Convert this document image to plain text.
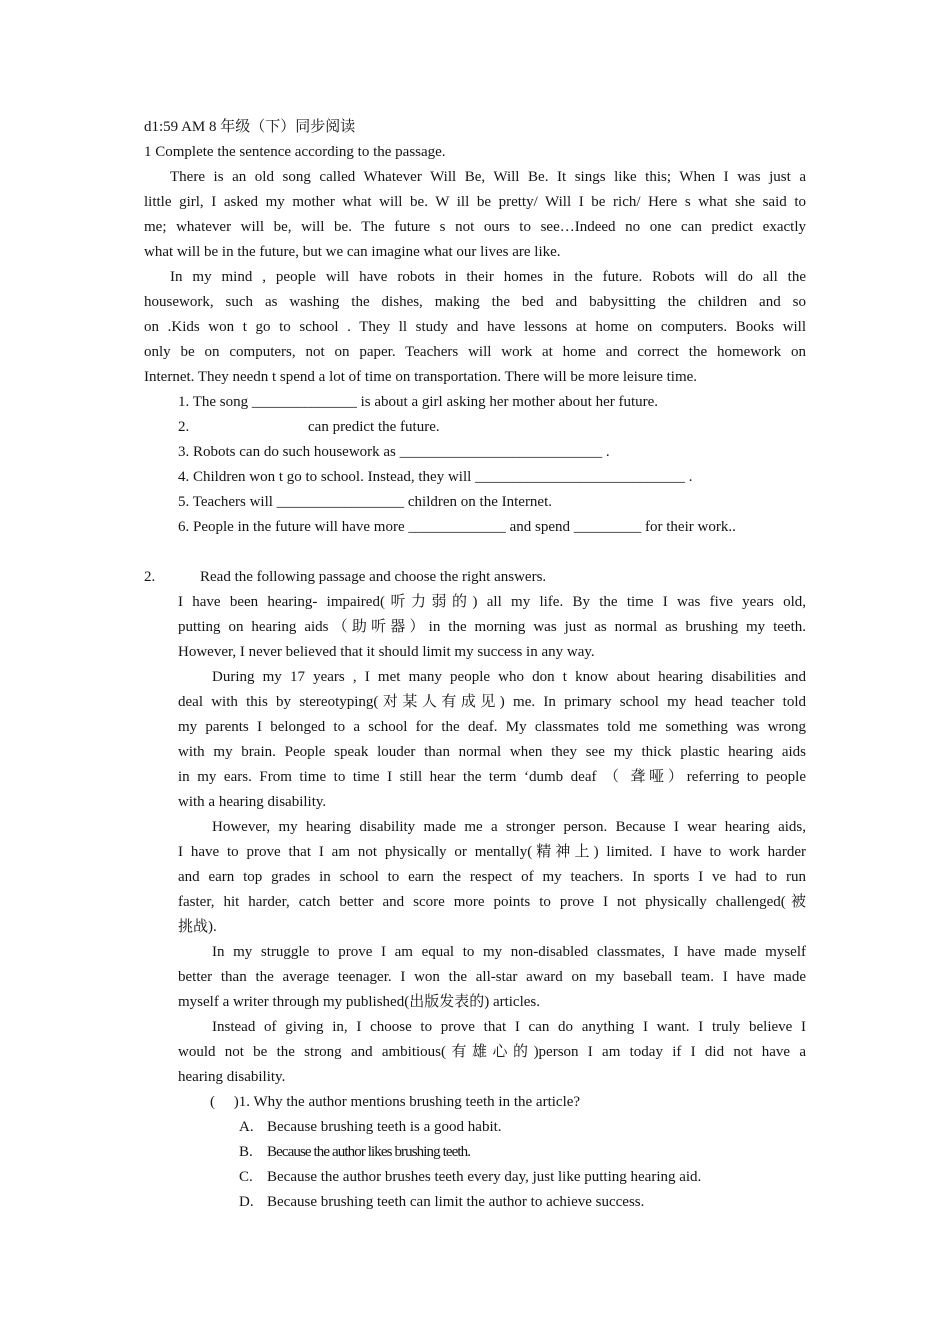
d1:59 AM 8 年级（下）同步阅读
1 Complete the sentence according to the passage.
There is an old song called Whatever Will Be, Will Be. It sings like this; When I was just a
little girl, I asked my mother what will be. W ill be pretty/ Will I be rich/ Here s what she said to
me; whatever will be, will be. The future s not ours to see…Indeed no one can predict exactly
what will be in the future, but we can imagine what our lives are like.
In my mind , people will have robots in their homes in the future. Robots will do all the
housework, such as washing the dishes, making the bed and babysitting the children and so
on .Kids won t go to school . They ll study and have lessons at home on computers. Books will
only be on computers, not on paper. Teachers will work at home and correct the homework on
Internet. They needn t spend a lot of time on transportation. There will be more leisure time.
1. The song ______________ is about a girl asking her mother about her future.
2.	can predict the future.
3. Robots can do such housework as ___________________________ .
4. Children won t go to school. Instead, they will ____________________________ .
5. Teachers will _________________ children on the Internet.
6. People in the future will have more _____________ and spend _________ for their work..
2.	Read the following passage and choose the right answers.
I have been hearing- impaired(听力弱的) all my life. By the time I was five years old,
putting on hearing aids（助听器）in the morning was just as normal as brushing my teeth.
However, I never believed that it should limit my success in any way.
During my 17 years , I met many people who don t know about hearing disabilities and
deal with this by stereotyping(对某人有成见) me. In primary school my head teacher told
my parents I belonged to a school for the deaf. My classmates told me something was wrong
with my brain. People speak louder than normal when they see my thick plastic hearing aids
in my ears. From time to time I still hear the term ‘dumb deaf （ 聋哑）referring to people
with a hearing disability.
However, my hearing disability made me a stronger person. Because I wear hearing aids,
I have to prove that I am not physically or mentally(精神上) limited. I have to work harder
and earn top grades in school to earn the respect of my teachers. In sports I ve had to run
faster, hit harder, catch better and score more points to prove I not physically challenged(被
挑战).
In my struggle to prove I am equal to my non-disabled classmates, I have made myself
better than the average teenager. I won the all-star award on my baseball team. I have made
myself a writer through my published(出版发表的) articles.
Instead of giving in, I choose to prove that I can do anything I want. I truly believe I
would not be the strong and ambitious(有雄心的)person I am today if I did not have a
hearing disability.
(     )1. Why the author mentions brushing teeth in the article?
A. Because brushing teeth is a good habit.
B. Because the author likes brushing teeth.
C. Because the author brushes teeth every day, just like putting hearing aid.
D. Because brushing teeth can limit the author to achieve success.
